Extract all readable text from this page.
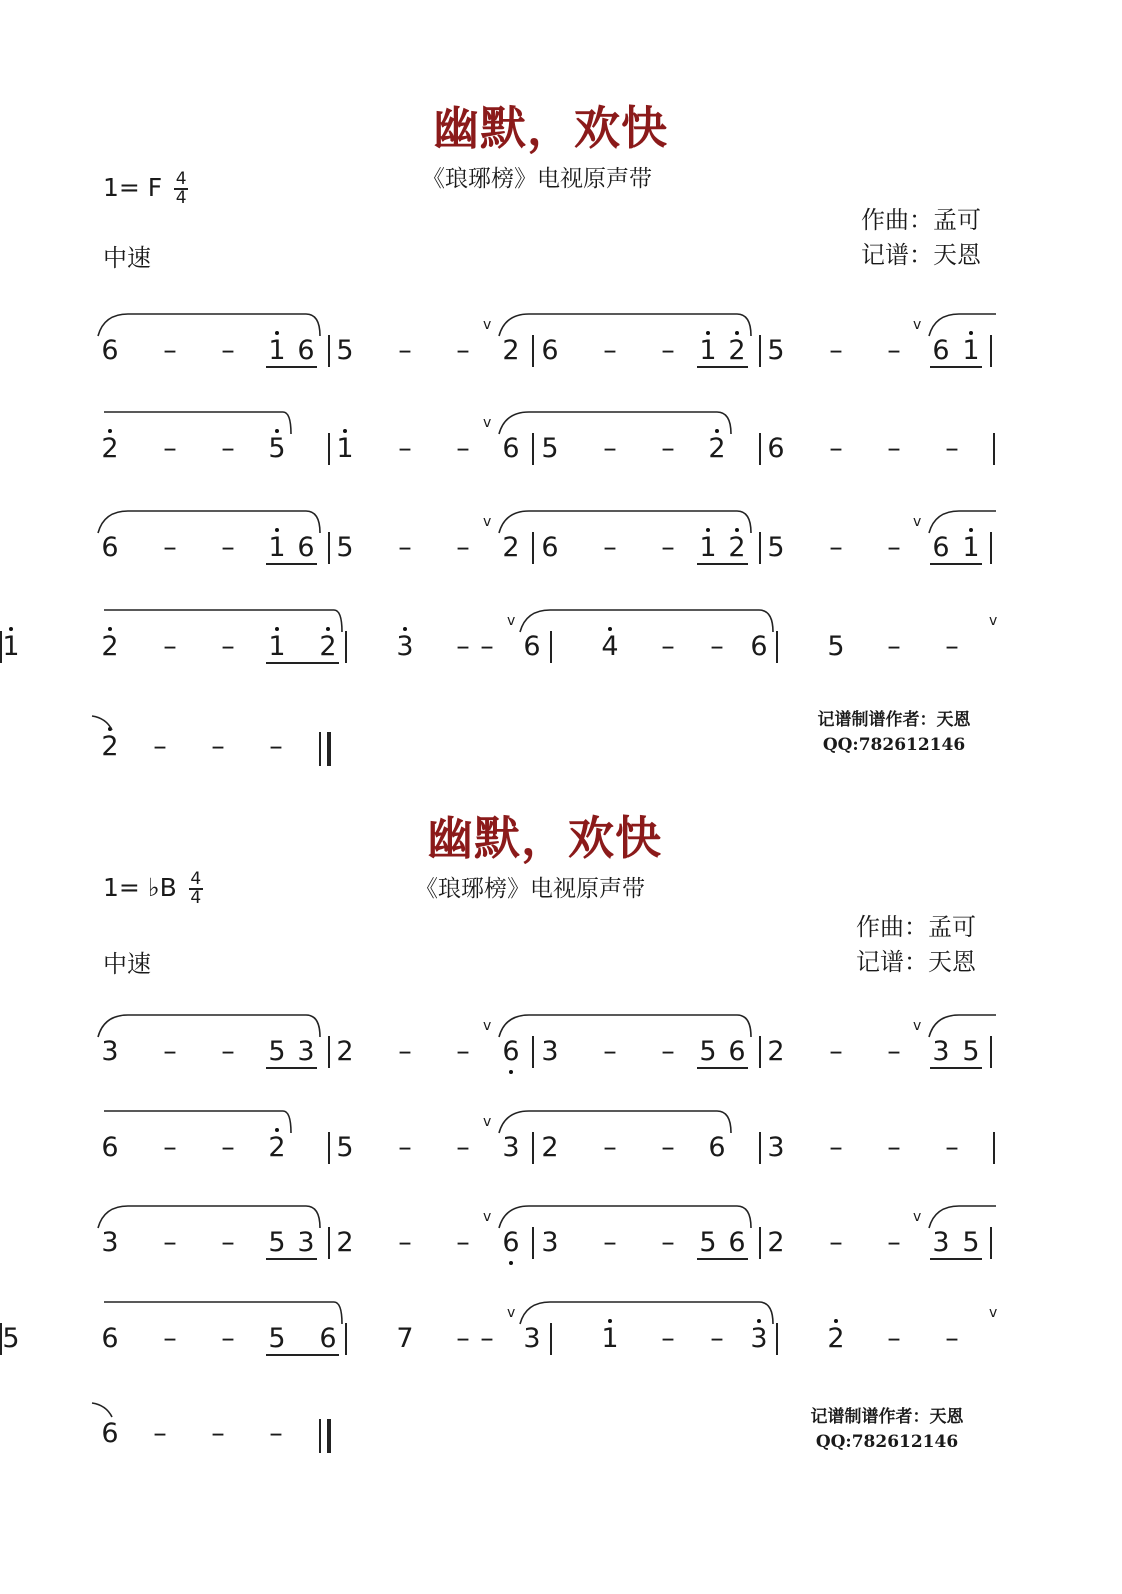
幽默，欢快
《琅琊榜》电视原声带
1= F $\frac{4}{4}$
中速
作曲：孟可
记谱：天恩
6 – – 1 6 5 – –
v
2 6 – – 1 2 5 – –
v
6 1
2 – – 5 1 – –
v
6 5 – – 2 6 – – –
6 – – 1 6 5 – –
v
2 6 – – 1 2 5 – –
v
6 1
2 – – 1 2 3 – –
v
6 4 – – 6 5 – –
v
1
2 – – –
记谱制谱作者：天恩
QQ:782612146
幽默，欢快
《琅琊榜》电视原声带
1= ♭B $\frac{4}{4}$
中速
作曲：孟可
记谱：天恩
3 – – 5 3 2 – –
v
6 3 – – 5 6 2 – –
v
3 5
6 – – 2 5 – –
v
3 2 – – 6 3 – – –
3 – – 5 3 2 – –
v
6 3 – – 5 6 2 – –
v
3 5
6 – – 5 6 7 – –
v
3 1 – – 3 2 – –
v
5
6 – – –
记谱制谱作者：天恩
QQ:782612146
